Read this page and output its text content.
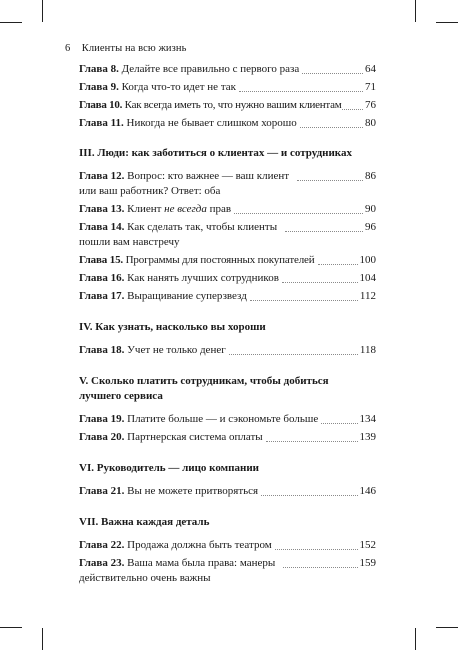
6 Клиенты на всю жизнь
Глава 8. Делайте все правильно с первого раза	64
Глава 9. Когда что-то идет не так	71
Глава 10. Как всегда иметь то, что нужно вашим клиентам 76
Глава 11. Никогда не бывает слишком хорошо	80
III. Люди: как заботиться о клиентах — и сотрудниках
Глава 12. Вопрос: кто важнее — ваш клиент	86
или ваш работник? Ответ: оба
Глава 13. Клиент не всегда прав	90
Глава 14. Как сделать так, чтобы клиенты	96
пошли вам навстречу
Глава 15. Программы для постоянных покупателей	100
Глава 16. Как нанять лучших сотрудников	104
Глава 17. Выращивание суперзвезд	112
IV. Как узнать, насколько вы хороши
Глава 18. Учет не только денег	118
V. Сколько платить сотрудникам, чтобы добиться
лучшего сервиса
Глава 19. Платите больше — и сэкономьте больше	134
Глава 20. Партнерская система оплаты	139
VI. Руководитель — лицо компании
Глава 21. Вы не можете притворяться	146
VII. Важна каждая деталь
Глава 22. Продажа должна быть театром	152
Глава 23. Ваша мама была права: манеры	159
действительно очень важны
